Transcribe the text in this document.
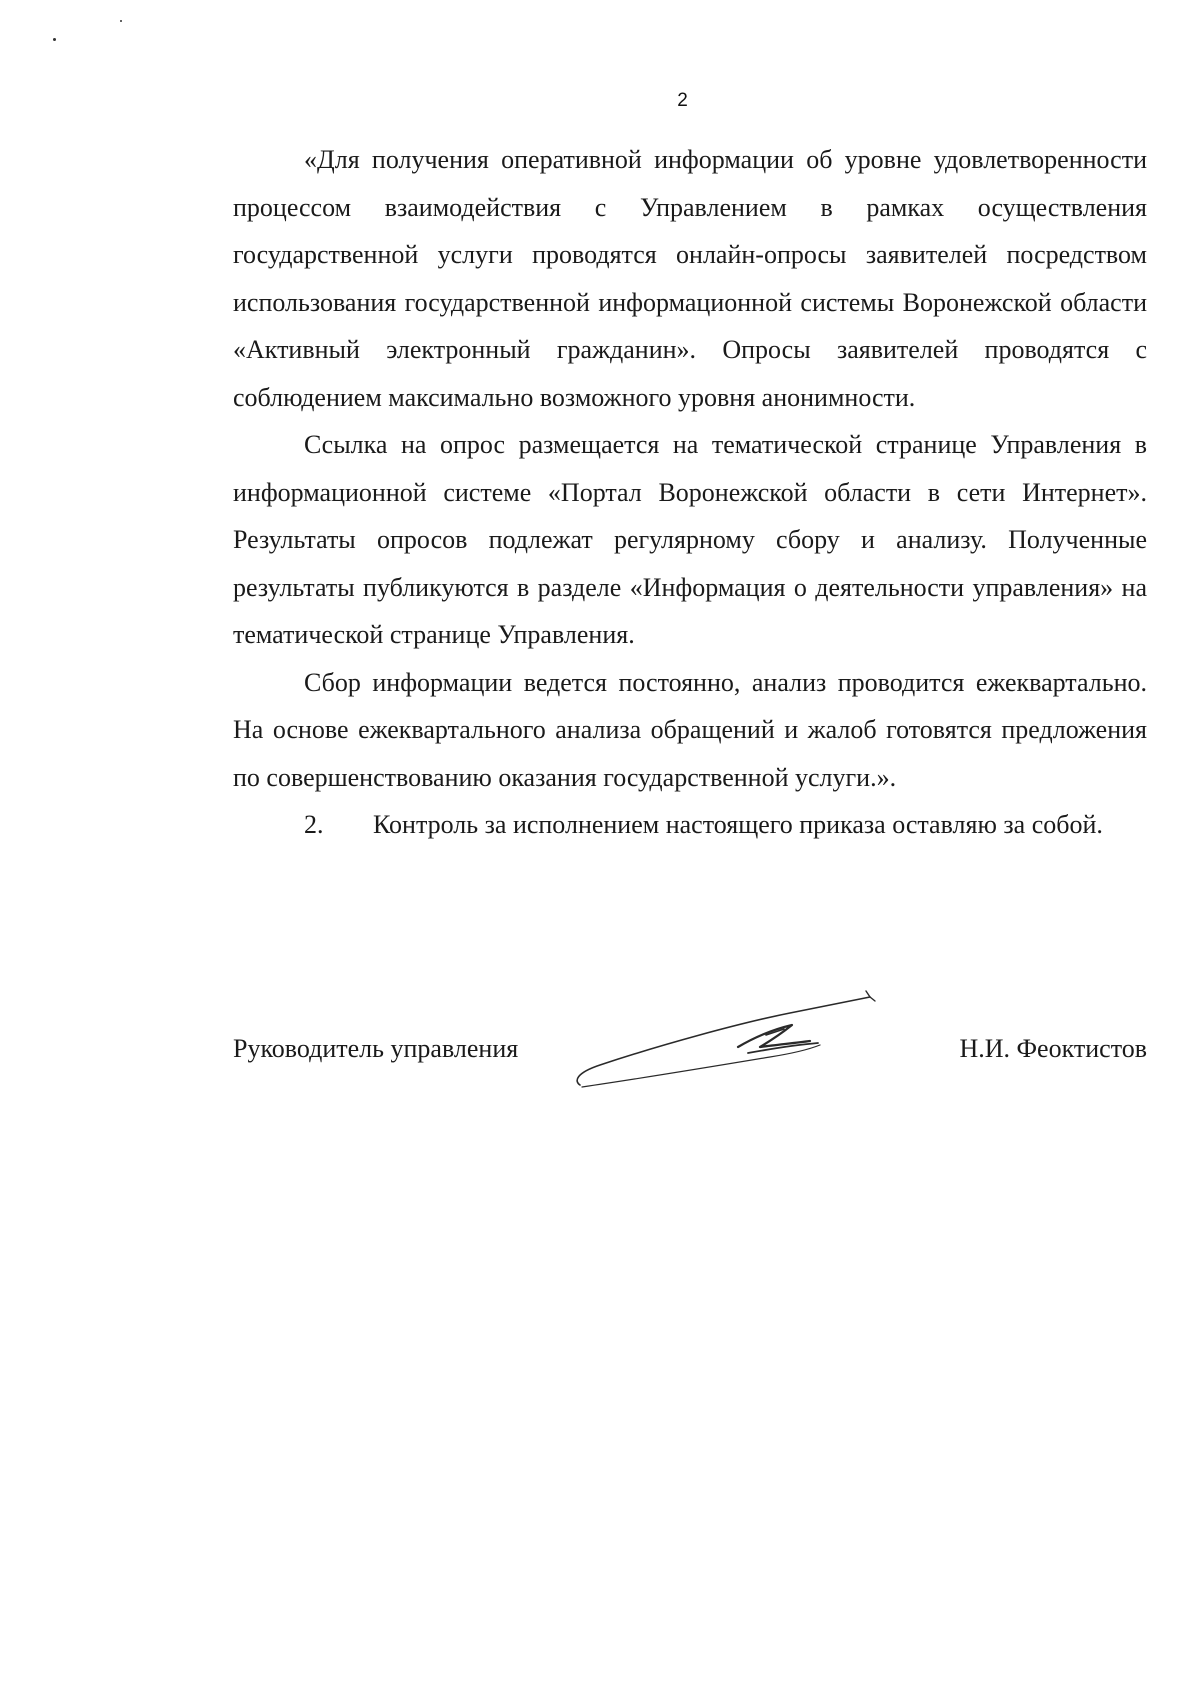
2

«Для получения оперативной информации об уровне удовлетворенности процессом взаимодействия с Управлением в рамках осуществления государственной услуги проводятся онлайн-опросы заявителей посредством использования государственной информационной системы Воронежской области «Активный электронный гражданин». Опросы заявителей проводятся с соблюдением максимально возможного уровня анонимности.

Ссылка на опрос размещается на тематической странице Управления в информационной системе «Портал Воронежской области в сети Интернет». Результаты опросов подлежат регулярному сбору и анализу. Полученные результаты публикуются в разделе «Информация о деятельности управления» на тематической странице Управления.

Сбор информации ведется постоянно, анализ проводится ежеквартально. На основе ежеквартального анализа обращений и жалоб готовятся предложения по совершенствованию оказания государственной услуги.».

2.	Контроль за исполнением настоящего приказа оставляю за собой.

Руководитель управления	Н.И. Феоктистов
